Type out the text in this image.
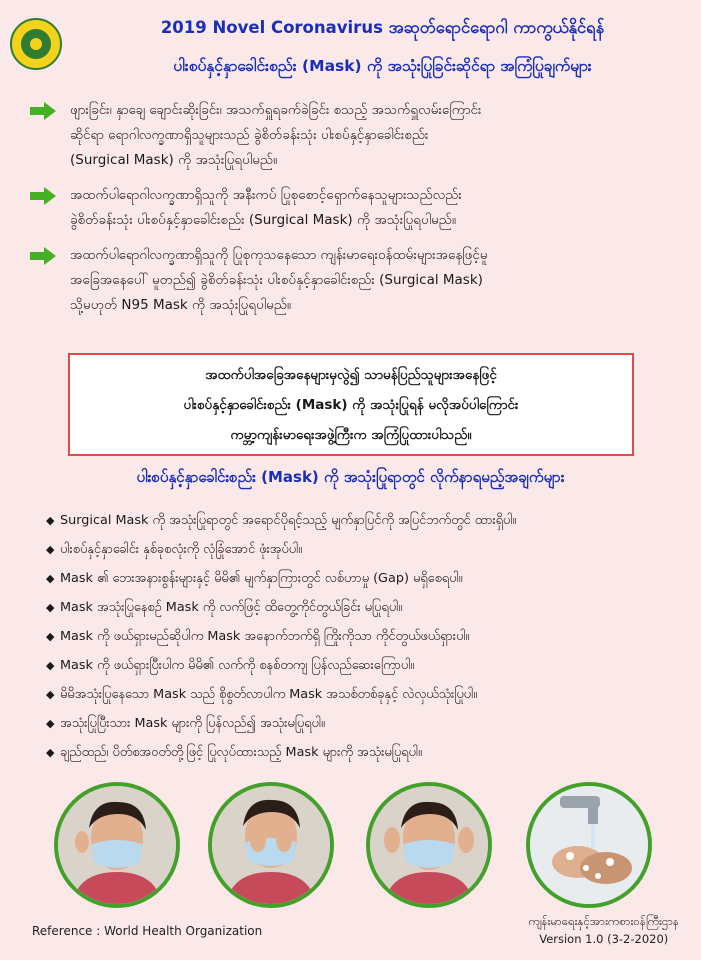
2019 Novel Coronavirus အဆုတ်ရောင်ရောဂါ ကာကွယ်နိုင်ရန်
ပါးစပ်နှင့်နှာခေါင်းစည်း (Mask) ကို အသုံးပြုခြင်းဆိုင်ရာ အကြံပြုချက်များ
ဖျားခြင်း၊ နှာချေ ချောင်းဆိုးခြင်း၊ အသက်ရှူရခက်ခဲခြင်း စသည့် အသက်ရှူလမ်းကြောင်း
ဆိုင်ရာ ရောဂါလက္ခဏာရှိသူများသည် ခွဲစိတ်ခန်းသုံး ပါးစပ်နှင့်နှာခေါင်းစည်း
(Surgical Mask) ကို အသုံးပြုရပါမည်။
အထက်ပါရောဂါလက္ခဏာရှိသူကို အနီးကပ် ပြုစုစောင့်ရှောက်နေသူများသည်လည်း
ခွဲစိတ်ခန်းသုံး ပါးစပ်နှင့်နှာခေါင်းစည်း (Surgical Mask) ကို အသုံးပြုရပါမည်။
အထက်ပါရောဂါလက္ခဏာရှိသူကို ပြုစုကုသနေသော ကျန်းမာရေးဝန်ထမ်းများအနေဖြင့်မူ
အခြေအနေပေါ် မူတည်၍ ခွဲစိတ်ခန်းသုံး ပါးစပ်နှင့်နှာခေါင်းစည်း (Surgical Mask)
သို့မဟုတ် N95 Mask ကို အသုံးပြုရပါမည်။
အထက်ပါအခြေအနေများမှလွဲ၍ သာမန်ပြည်သူများအနေဖြင့်
ပါးစပ်နှင့်နှာခေါင်းစည်း (Mask) ကို အသုံးပြုရန် မလိုအပ်ပါကြောင်း
ကမ္ဘာ့ကျန်းမာရေးအဖွဲ့ကြီးက အကြံပြုထားပါသည်။
ပါးစပ်နှင့်နှာခေါင်းစည်း (Mask) ကို အသုံးပြုရာတွင် လိုက်နာရမည့်အချက်များ
◆ Surgical Mask ကို အသုံးပြုရာတွင် အရောင်ပိုရင့်သည့် မျက်နှာပြင်ကို အပြင်ဘက်တွင် ထားရှိပါ။
◆ ပါးစပ်နှင့်နှာခေါင်း နှစ်ခုစလုံးကို လုံခြုံအောင် ဖုံးအုပ်ပါ။
◆ Mask ၏ ဘေးအနားစွန်းများနှင့် မိမိ၏ မျက်နှာကြားတွင် လစ်ဟာမှု (Gap) မရှိစေရပါ။
◆ Mask အသုံးပြုနေစဉ် Mask ကို လက်ဖြင့် ထိတွေ့ကိုင်တွယ်ခြင်း မပြုရပါ။
◆ Mask ကို ဖယ်ရှားမည်ဆိုပါက Mask အနောက်ဘက်ရှိ ကြိုးကိုသာ ကိုင်တွယ်ဖယ်ရှားပါ။
◆ Mask ကို ဖယ်ရှားပြီးပါက မိမိ၏ လက်ကို စနစ်တကျ ပြန်လည်ဆေးကြောပါ။
◆ မိမိအသုံးပြုနေသော Mask သည် စိုစွတ်လာပါက Mask အသစ်တစ်ခုနှင့် လဲလှယ်သုံးပြုပါ။
◆ အသုံးပြုပြီးသား Mask များကို ပြန်လည်၍ အသုံးမပြုရပါ။
◆ ချည်ထည်၊ ပိတ်စအဝတ်တို့ဖြင့် ပြုလုပ်ထားသည့် Mask များကို အသုံးမပြုရပါ။
Reference : World Health Organization
ကျန်းမာရေးနှင့်အားကစားဝန်ကြီးဌာန
Version 1.0 (3-2-2020)
